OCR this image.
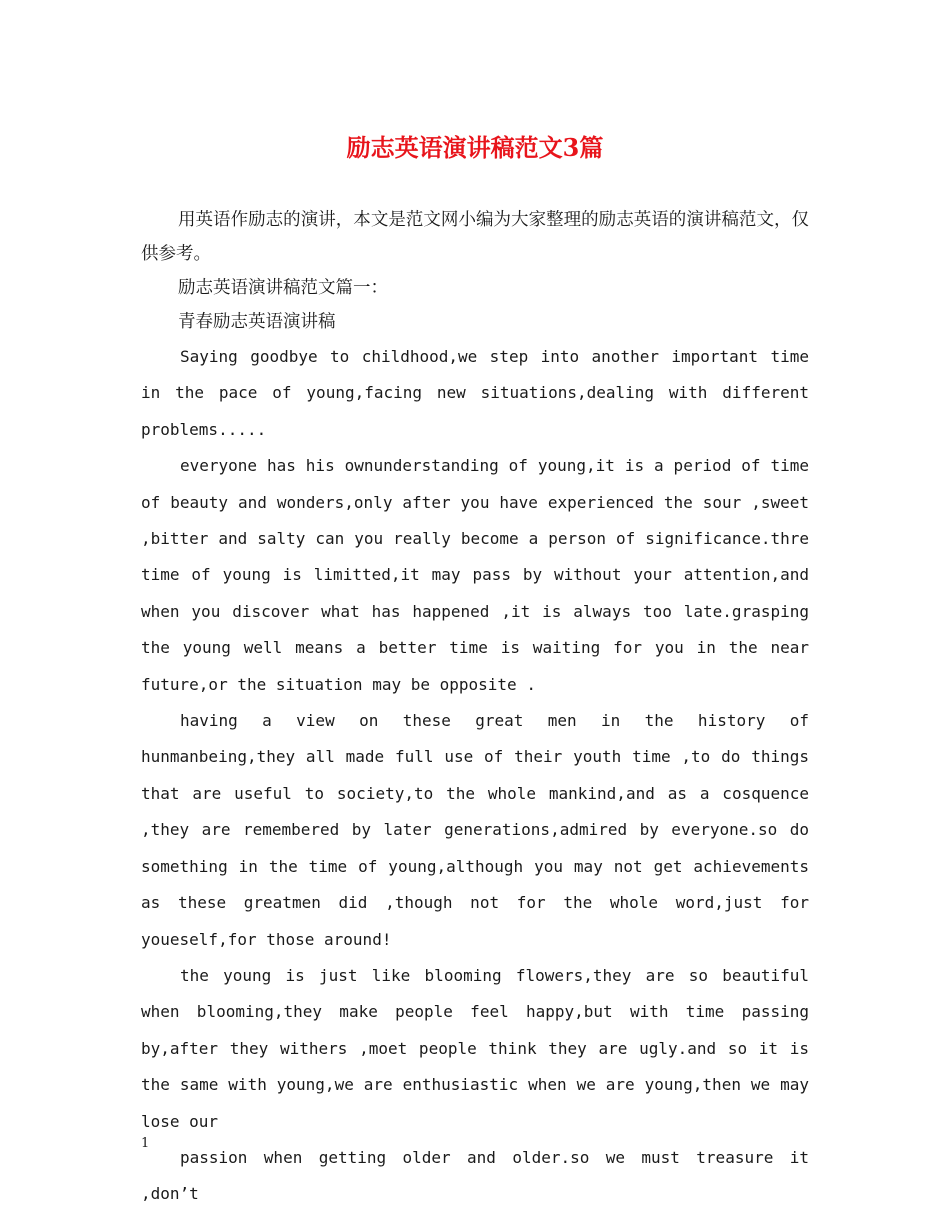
励志英语演讲稿范文3篇

用英语作励志的演讲，本文是范文网小编为大家整理的励志英语的演讲稿范文，仅供参考。

励志英语演讲稿范文篇一：

青春励志英语演讲稿

Saying goodbye to childhood,we step into another important time in the pace of young,facing new situations,dealing with different problems.....

everyone has his ownunderstanding of young,it is a period of time of beauty and wonders,only after you have experienced the sour ,sweet ,bitter and salty can you really become a person of significance.thre time of young is limitted,it may pass by without your attention,and when you discover what has happened ,it is always too late.grasping the young well means a better time is waiting for you in the near future,or the situation may be opposite .

having a view on these great men in the history of hunmanbeing,they all made full use of their youth time ,to do things that are useful to society,to the whole mankind,and as a cosquence ,they are remembered by later generations,admired by everyone.so do something in the time of young,although you may not get achievements as these greatmen did ,though not for the whole word,just for youeself,for those around!

the young is just like blooming flowers,they are so beautiful when blooming,they make people feel happy,but with time passing by,after they withers ,moet people think they are ugly.and so it is the same with young,we are enthusiastic when we are young,then we may lose our

passion when getting older and older.so we must treasure it ,don’t

1
